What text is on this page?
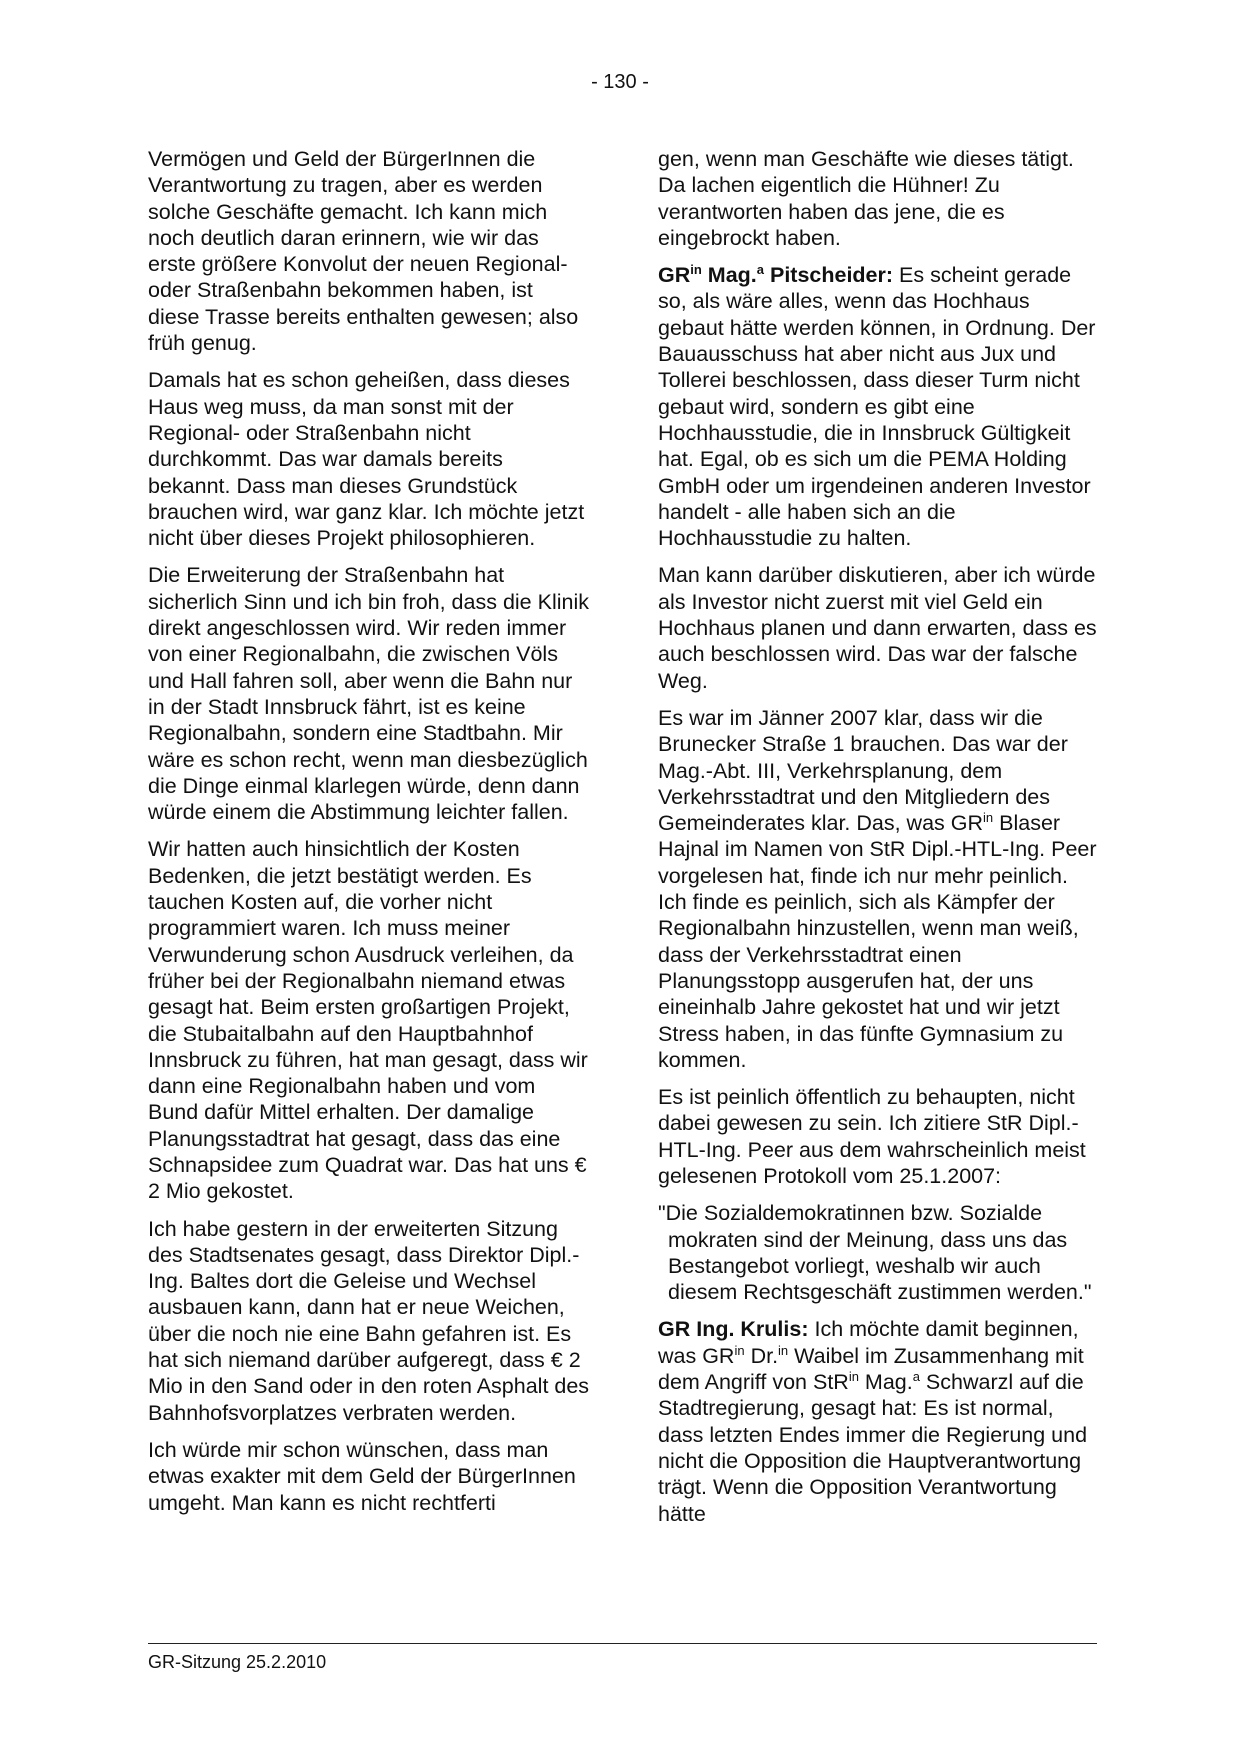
- 130 -

Vermögen und Geld der BürgerInnen die Verantwortung zu tragen, aber es werden solche Geschäfte gemacht. Ich kann mich noch deutlich daran erinnern, wie wir das erste größere Konvolut der neuen Regional- oder Straßenbahn bekommen haben, ist diese Trasse bereits enthalten gewesen; also früh genug.

Damals hat es schon geheißen, dass dieses Haus weg muss, da man sonst mit der Regional- oder Straßenbahn nicht durchkommt. Das war damals bereits bekannt. Dass man dieses Grundstück brauchen wird, war ganz klar. Ich möchte jetzt nicht über dieses Projekt philosophieren.

Die Erweiterung der Straßenbahn hat sicherlich Sinn und ich bin froh, dass die Klinik direkt angeschlossen wird. Wir reden immer von einer Regionalbahn, die zwischen Völs und Hall fahren soll, aber wenn die Bahn nur in der Stadt Innsbruck fährt, ist es keine Regionalbahn, sondern eine Stadtbahn. Mir wäre es schon recht, wenn man diesbezüglich die Dinge einmal klarlegen würde, denn dann würde einem die Abstimmung leichter fallen.

Wir hatten auch hinsichtlich der Kosten Bedenken, die jetzt bestätigt werden. Es tauchen Kosten auf, die vorher nicht programmiert waren. Ich muss meiner Verwunderung schon Ausdruck verleihen, da früher bei der Regionalbahn niemand etwas gesagt hat. Beim ersten großartigen Projekt, die Stubaitalbahn auf den Hauptbahnhof Innsbruck zu führen, hat man gesagt, dass wir dann eine Regionalbahn haben und vom Bund dafür Mittel erhalten. Der damalige Planungsstadtrat hat gesagt, dass das eine Schnapsidee zum Quadrat war. Das hat uns € 2 Mio gekostet.

Ich habe gestern in der erweiterten Sitzung des Stadtsenates gesagt, dass Direktor Dipl.-Ing. Baltes dort die Geleise und Wechsel ausbauen kann, dann hat er neue Weichen, über die noch nie eine Bahn gefahren ist. Es hat sich niemand darüber aufgeregt, dass € 2 Mio in den Sand oder in den roten Asphalt des Bahnhofsvorplatzes verbraten werden.

Ich würde mir schon wünschen, dass man etwas exakter mit dem Geld der BürgerInnen umgeht. Man kann es nicht rechtferti

gen, wenn man Geschäfte wie dieses tätigt. Da lachen eigentlich die Hühner! Zu verantworten haben das jene, die es eingebrockt haben.

$GR^{in}$ Mag.$^a$ Pitscheider: Es scheint gerade so, als wäre alles, wenn das Hochhaus gebaut hätte werden können, in Ordnung. Der Bauausschuss hat aber nicht aus Jux und Tollerei beschlossen, dass dieser Turm nicht gebaut wird, sondern es gibt eine Hochhausstudie, die in Innsbruck Gültigkeit hat. Egal, ob es sich um die PEMA Holding GmbH oder um irgendeinen anderen Investor handelt - alle haben sich an die Hochhausstudie zu halten.

Man kann darüber diskutieren, aber ich würde als Investor nicht zuerst mit viel Geld ein Hochhaus planen und dann erwarten, dass es auch beschlossen wird. Das war der falsche Weg.

Es war im Jänner 2007 klar, dass wir die Brunecker Straße 1 brauchen. Das war der Mag.-Abt. III, Verkehrsplanung, dem Verkehrsstadtrat und den Mitgliedern des Gemeinderates klar. Das, was $GR^{in}$ Blaser Hajnal im Namen von StR Dipl.-HTL-Ing. Peer vorgelesen hat, finde ich nur mehr peinlich. Ich finde es peinlich, sich als Kämpfer der Regionalbahn hinzustellen, wenn man weiß, dass der Verkehrsstadtrat einen Planungsstopp ausgerufen hat, der uns eineinhalb Jahre gekostet hat und wir jetzt Stress haben, in das fünfte Gymnasium zu kommen.

Es ist peinlich öffentlich zu behaupten, nicht dabei gewesen zu sein. Ich zitiere StR Dipl.-HTL-Ing. Peer aus dem wahrscheinlich meist gelesenen Protokoll vom 25.1.2007:

"Die Sozialdemokratinnen bzw. Sozialde
mokraten sind der Meinung, dass uns das Bestangebot vorliegt, weshalb wir auch diesem Rechtsgeschäft zustimmen werden."

GR Ing. Krulis: Ich möchte damit beginnen, was $GR^{in}$ Dr.$^{in}$ Waibel im Zusammenhang mit dem Angriff von StR$^{in}$ Mag.$^a$ Schwarzl auf die Stadtregierung, gesagt hat: Es ist normal, dass letzten Endes immer die Regierung und nicht die Opposition die Hauptverantwortung trägt. Wenn die Opposition Verantwortung hätte

GR-Sitzung 25.2.2010
